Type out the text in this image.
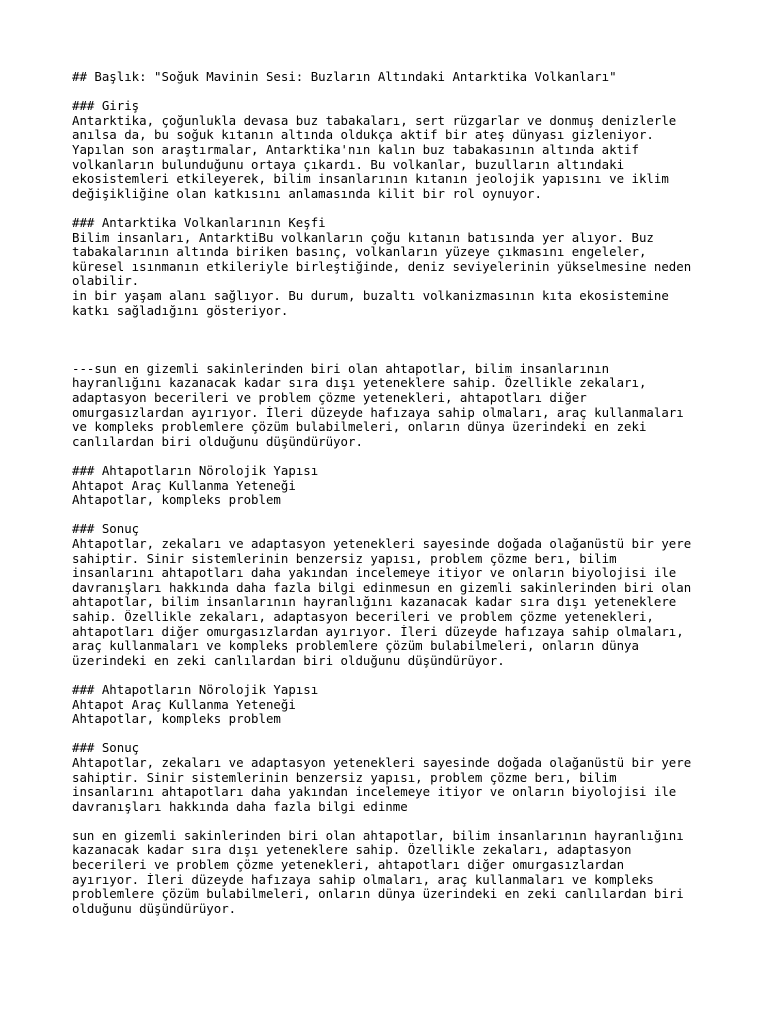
## Başlık: "Soğuk Mavinin Sesi: Buzların Altındaki Antarktika Volkanları"
### Giriş
Antarktika, çoğunlukla devasa buz tabakaları, sert rüzgarlar ve donmuş denizlerle
anılsa da, bu soğuk kıtanın altında oldukça aktif bir ateş dünyası gizleniyor.
Yapılan son araştırmalar, Antarktika'nın kalın buz tabakasının altında aktif
volkanların bulunduğunu ortaya çıkardı. Bu volkanlar, buzulların altındaki
ekosistemleri etkileyerek, bilim insanlarının kıtanın jeolojik yapısını ve iklim
değişikliğine olan katkısını anlamasında kilit bir rol oynuyor.
### Antarktika Volkanlarının Keşfi
Bilim insanları, AntarktiBu volkanların çoğu kıtanın batısında yer alıyor. Buz
tabakalarının altında biriken basınç, volkanların yüzeye çıkmasını engeleler,
küresel ısınmanın etkileriyle birleştiğinde, deniz seviyelerinin yükselmesine neden
olabilir.
in bir yaşam alanı sağlıyor. Bu durum, buzaltı volkanizmasının kıta ekosistemine
katkı sağladığını gösteriyor.
---sun en gizemli sakinlerinden biri olan ahtapotlar, bilim insanlarının
hayranlığını kazanacak kadar sıra dışı yeteneklere sahip. Özellikle zekaları,
adaptasyon becerileri ve problem çözme yetenekleri, ahtapotları diğer
omurgasızlardan ayırıyor. İleri düzeyde hafızaya sahip olmaları, araç kullanmaları
ve kompleks problemlere çözüm bulabilmeleri, onların dünya üzerindeki en zeki
canlılardan biri olduğunu düşündürüyor.
### Ahtapotların Nörolojik Yapısı
Ahtapot Araç Kullanma Yeteneği
Ahtapotlar, kompleks problem
### Sonuç
Ahtapotlar, zekaları ve adaptasyon yetenekleri sayesinde doğada olağanüstü bir yere
sahiptir. Sinir sistemlerinin benzersiz yapısı, problem çözme berı, bilim
insanlarını ahtapotları daha yakından incelemeye itiyor ve onların biyolojisi ile
davranışları hakkında daha fazla bilgi edinmesun en gizemli sakinlerinden biri olan
ahtapotlar, bilim insanlarının hayranlığını kazanacak kadar sıra dışı yeteneklere
sahip. Özellikle zekaları, adaptasyon becerileri ve problem çözme yetenekleri,
ahtapotları diğer omurgasızlardan ayırıyor. İleri düzeyde hafızaya sahip olmaları,
araç kullanmaları ve kompleks problemlere çözüm bulabilmeleri, onların dünya
üzerindeki en zeki canlılardan biri olduğunu düşündürüyor.
### Ahtapotların Nörolojik Yapısı
Ahtapot Araç Kullanma Yeteneği
Ahtapotlar, kompleks problem
### Sonuç
Ahtapotlar, zekaları ve adaptasyon yetenekleri sayesinde doğada olağanüstü bir yere
sahiptir. Sinir sistemlerinin benzersiz yapısı, problem çözme berı, bilim
insanlarını ahtapotları daha yakından incelemeye itiyor ve onların biyolojisi ile
davranışları hakkında daha fazla bilgi edinme
sun en gizemli sakinlerinden biri olan ahtapotlar, bilim insanlarının hayranlığını
kazanacak kadar sıra dışı yeteneklere sahip. Özellikle zekaları, adaptasyon
becerileri ve problem çözme yetenekleri, ahtapotları diğer omurgasızlardan
ayırıyor. İleri düzeyde hafızaya sahip olmaları, araç kullanmaları ve kompleks
problemlere çözüm bulabilmeleri, onların dünya üzerindeki en zeki canlılardan biri
olduğunu düşündürüyor.
